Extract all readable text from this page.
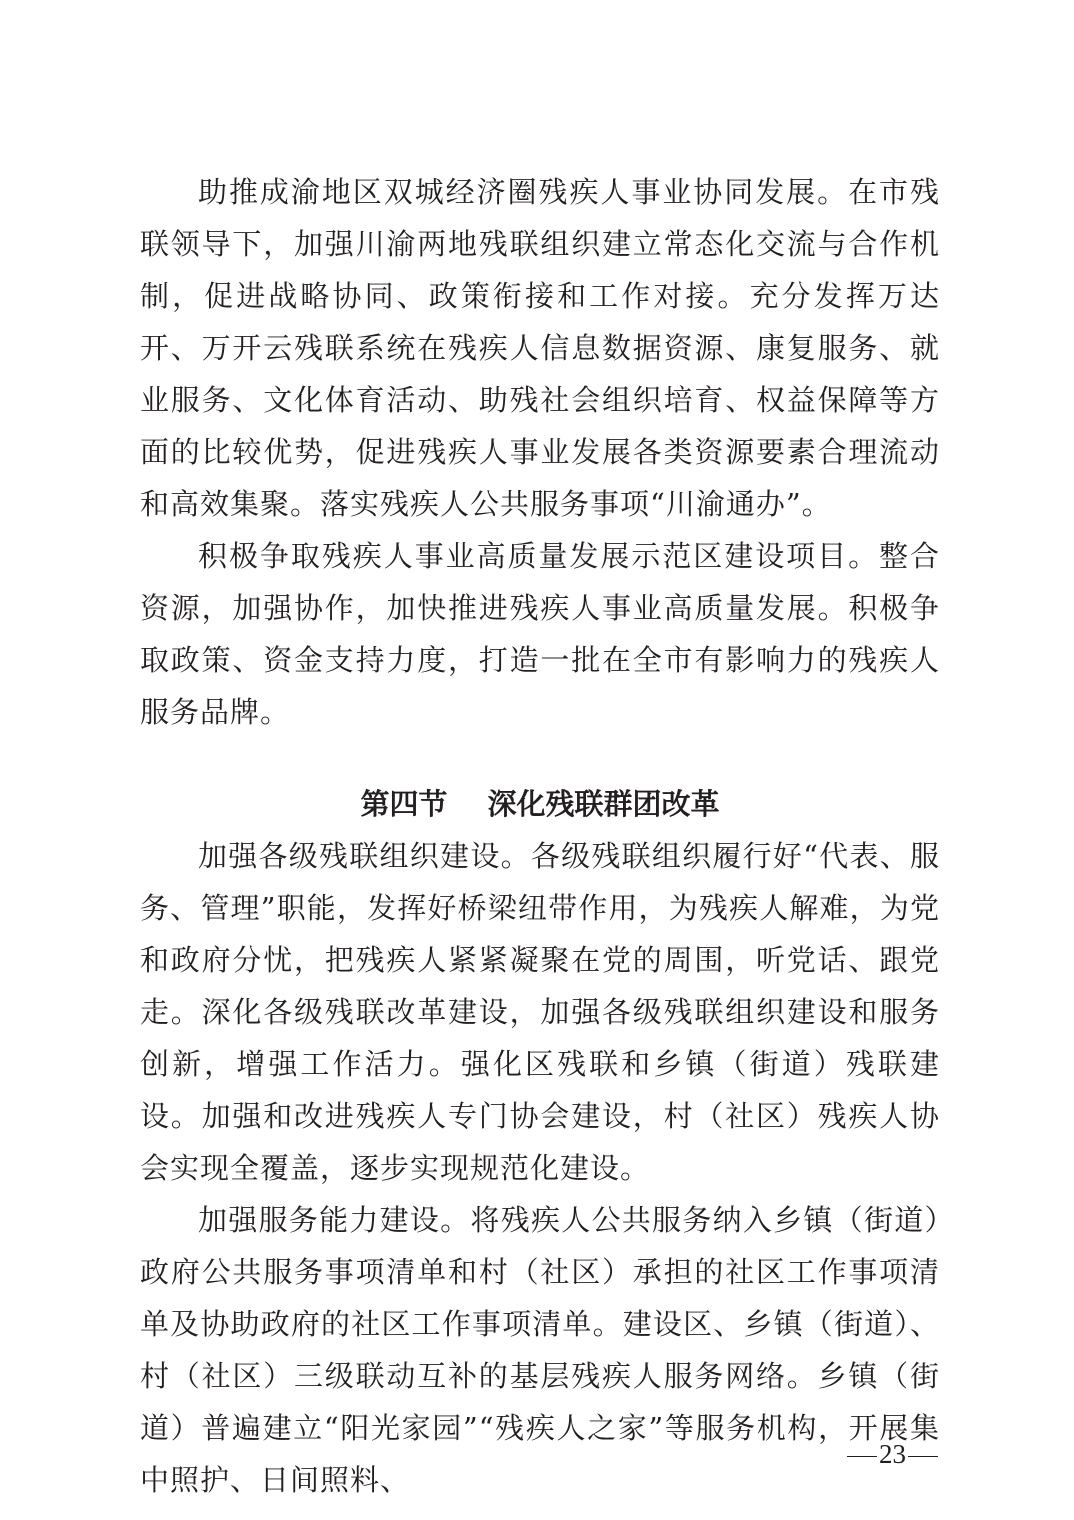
助推成渝地区双城经济圈残疾人事业协同发展。在市残联领导下，加强川渝两地残联组织建立常态化交流与合作机制，促进战略协同、政策衔接和工作对接。充分发挥万达开、万开云残联系统在残疾人信息数据资源、康复服务、就业服务、文化体育活动、助残社会组织培育、权益保障等方面的比较优势，促进残疾人事业发展各类资源要素合理流动和高效集聚。落实残疾人公共服务事项“川渝通办”。

积极争取残疾人事业高质量发展示范区建设项目。整合资源，加强协作，加快推进残疾人事业高质量发展。积极争取政策、资金支持力度，打造一批在全市有影响力的残疾人服务品牌。

第四节 深化残联群团改革

加强各级残联组织建设。各级残联组织履行好“代表、服务、管理”职能，发挥好桥梁纽带作用，为残疾人解难，为党和政府分忧，把残疾人紧紧凝聚在党的周围，听党话、跟党走。深化各级残联改革建设，加强各级残联组织建设和服务创新，增强工作活力。强化区残联和乡镇（街道）残联建设。加强和改进残疾人专门协会建设，村（社区）残疾人协会实现全覆盖，逐步实现规范化建设。

加强服务能力建设。将残疾人公共服务纳入乡镇（街道）政府公共服务事项清单和村（社区）承担的社区工作事项清单及协助政府的社区工作事项清单。建设区、乡镇（街道）、村（社区）三级联动互补的基层残疾人服务网络。乡镇（街道）普遍建立“阳光家园”“残疾人之家”等服务机构，开展集中照护、日间照料、

23
